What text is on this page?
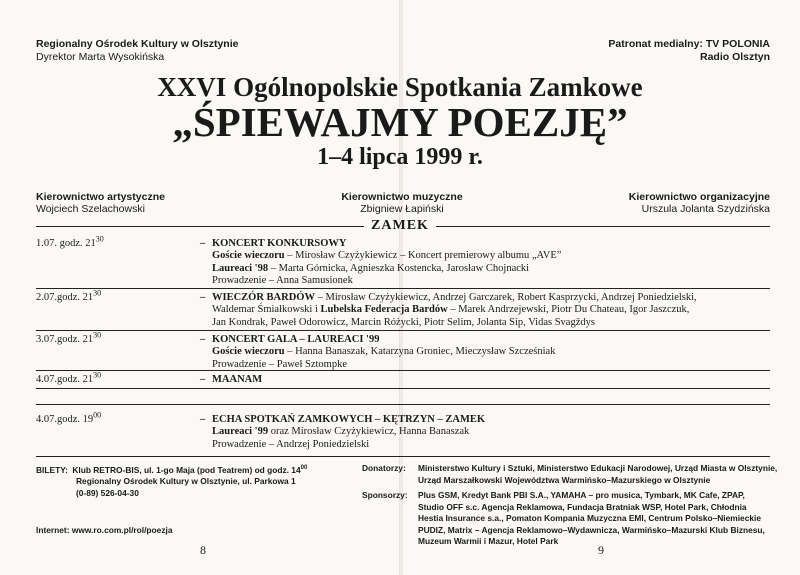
Regionalny Ośrodek Kultury w Olsztynie
Dyrektor Marta Wysokińska
Patronat medialny: TV POLONIA
Radio Olsztyn
XXVI Ogólnopolskie Spotkania Zamkowe
„ŚPIEWAJMY POEZJĘ”
1–4 lipca 1999 r.
Kierownictwo artystyczne
Wojciech Szelachowski
Kierownictwo muzyczne
Zbigniew Łapiński
Kierownictwo organizacyjne
Urszula Jolanta Szydzińska
ZAMEK
1.07. godz. $21^{30}$	– KONCERT KONKURSOWY
Goście wieczoru – Mirosław Czyżykiewicz – Koncert premierowy albumu „AVE”
Laureaci '98 – Marta Górnicka, Agnieszka Kostencka, Jarosław Chojnacki
Prowadzenie – Anna Samusionek
2.07.godz. $21^{30}$	– WIECZÓR BARDÓW – Mirosław Czyżykiewicz, Andrzej Garczarek, Robert Kasprzycki, Andrzej Poniedzielski,
Waldemar Śmiałkowski i Lubelska Federacja Bardów – Marek Andrzejewski, Piotr Du Chateau, Igor Jaszczuk,
Jan Kondrak, Paweł Odorowicz, Marcin Różycki, Piotr Selim, Jolanta Sip, Vidas Svagždys
3.07.godz. $21^{30}$	– KONCERT GALA – LAUREACI '99
Goście wieczoru – Hanna Banaszak, Katarzyna Groniec, Mieczysław Szcześniak
Prowadzenie – Paweł Sztompke
4.07.godz. $21^{30}$	– MAANAM
4.07.godz. $19^{00}$	– ECHA SPOTKAŃ ZAMKOWYCH – KĘTRZYN – ZAMEK
Laureaci '99 oraz Mirosław Czyżykiewicz, Hanna Banaszak
Prowadzenie – Andrzej Poniedzielski
BILETY: Klub RETRO-BIS, ul. 1-go Maja (pod Teatrem) od godz. $14^{00}$
Regionalny Ośrodek Kultury w Olsztynie, ul. Parkowa 1
(0-89) 526-04-30
Internet: www.ro.com.pl/rol/poezja
Donatorzy: Ministerstwo Kultury i Sztuki, Ministerstwo Edukacji Narodowej, Urząd Miasta w Olsztynie,
Urząd Marszałkowski Województwa Warmińsko–Mazurskiego w Olsztynie
Sponsorzy: Plus GSM, Kredyt Bank PBI S.A., YAMAHA – pro musica, Tymbark, MK Cafe, ZPAP,
Studio OFF s.c. Agencja Reklamowa, Fundacja Bratniak WSP, Hotel Park, Chłodnia
Hestia Insurance s.a., Pomaton Kompania Muzyczna EMI, Centrum Polsko–Niemieckie
PUDIZ, Matrix – Agencja Reklamowo–Wydawnicza, Warmińsko–Mazurski Klub Biznesu,
Muzeum Warmii i Mazur, Hotel Park
8	9
